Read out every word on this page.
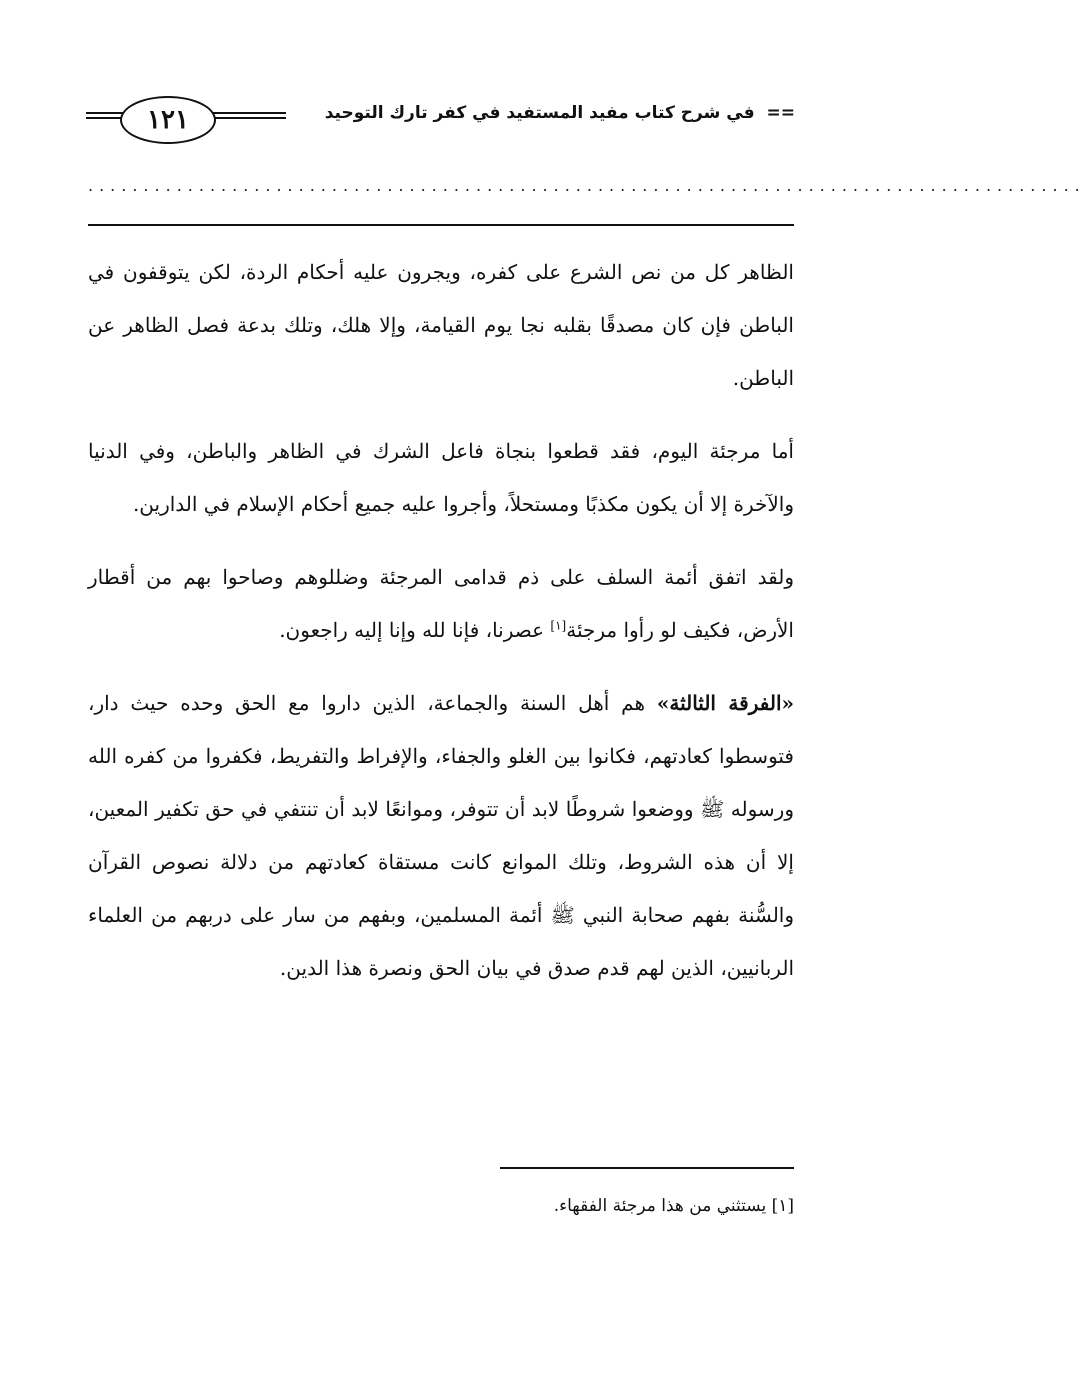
== في شرح كتاب مفيد المستفيد في كفر تارك التوحيد
١٢١
..........................................................................................

الظاهر كل من نص الشرع على كفره، ويجرون عليه أحكام الردة، لكن يتوقفون في الباطن فإن كان مصدقًا بقلبه نجا يوم القيامة، وإلا هلك، وتلك بدعة فصل الظاهر عن الباطن.

أما مرجئة اليوم، فقد قطعوا بنجاة فاعل الشرك في الظاهر والباطن، وفي الدنيا والآخرة إلا أن يكون مكذبًا ومستحلاً، وأجروا عليه جميع أحكام الإسلام في الدارين.

ولقد اتفق أئمة السلف على ذم قدامى المرجئة وضللوهم وصاحوا بهم من أقطار الأرض، فكيف لو رأوا مرجئة[١] عصرنا، فإنا لله وإنا إليه راجعون.

«الفرقة الثالثة» هم أهل السنة والجماعة، الذين داروا مع الحق وحده حيث دار، فتوسطوا كعادتهم، فكانوا بين الغلو والجفاء، والإفراط والتفريط، فكفروا من كفره الله ورسوله ﷺ ووضعوا شروطًا لابد أن تتوفر، وموانعًا لابد أن تنتفي في حق تكفير المعين، إلا أن هذه الشروط، وتلك الموانع كانت مستقاة كعادتهم من دلالة نصوص القرآن والسُّنة بفهم صحابة النبي ﷺ أئمة المسلمين، وبفهم من سار على دربهم من العلماء الربانيين، الذين لهم قدم صدق في بيان الحق ونصرة هذا الدين.

[١] يستثني من هذا مرجئة الفقهاء.
